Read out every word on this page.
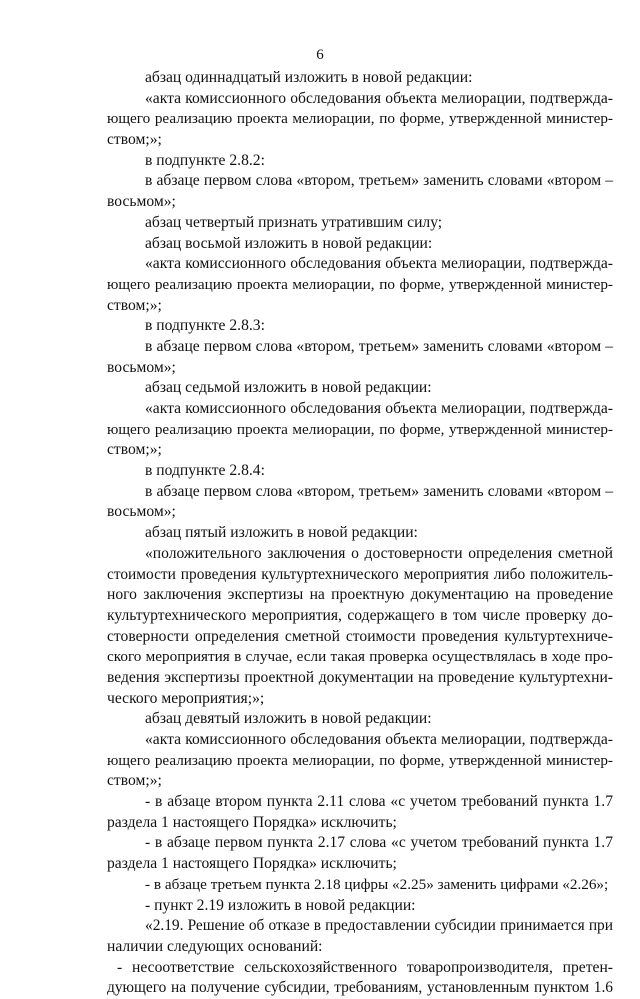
6
абзац одиннадцатый изложить в новой редакции:
«акта комиссионного обследования объекта мелиорации, подтвержда-
ющего реализацию проекта мелиорации, по форме, утвержденной министер-
ством;»;
в подпункте 2.8.2:
в абзаце первом слова «втором, третьем» заменить словами «втором –
восьмом»;
абзац четвертый признать утратившим силу;
абзац восьмой изложить в новой редакции:
«акта комиссионного обследования объекта мелиорации, подтвержда-
ющего реализацию проекта мелиорации, по форме, утвержденной министер-
ством;»;
в подпункте 2.8.3:
в абзаце первом слова «втором, третьем» заменить словами «втором –
восьмом»;
абзац седьмой изложить в новой редакции:
«акта комиссионного обследования объекта мелиорации, подтвержда-
ющего реализацию проекта мелиорации, по форме, утвержденной министер-
ством;»;
в подпункте 2.8.4:
в абзаце первом слова «втором, третьем» заменить словами «втором –
восьмом»;
абзац пятый изложить в новой редакции:
«положительного заключения о достоверности определения сметной
стоимости проведения культуртехнического мероприятия либо положитель-
ного заключения экспертизы на проектную документацию на проведение
культуртехнического мероприятия, содержащего в том числе проверку до-
стоверности определения сметной стоимости проведения культуртехниче-
ского мероприятия в случае, если такая проверка осуществлялась в ходе про-
ведения экспертизы проектной документации на проведение культуртехни-
ческого мероприятия;»;
абзац девятый изложить в новой редакции:
«акта комиссионного обследования объекта мелиорации, подтвержда-
ющего реализацию проекта мелиорации, по форме, утвержденной министер-
ством;»;
- в абзаце втором пункта 2.11 слова «с учетом требований пункта 1.7
раздела 1 настоящего Порядка» исключить;
- в абзаце первом пункта 2.17 слова «с учетом требований пункта 1.7
раздела 1 настоящего Порядка» исключить;
- в абзаце третьем пункта 2.18 цифры «2.25» заменить цифрами «2.26»;
- пункт 2.19 изложить в новой редакции:
«2.19. Решение об отказе в предоставлении субсидии принимается при
наличии следующих оснований:
- несоответствие сельскохозяйственного товаропроизводителя, претен-
дующего на получение субсидии, требованиям, установленным пунктом 1.6
